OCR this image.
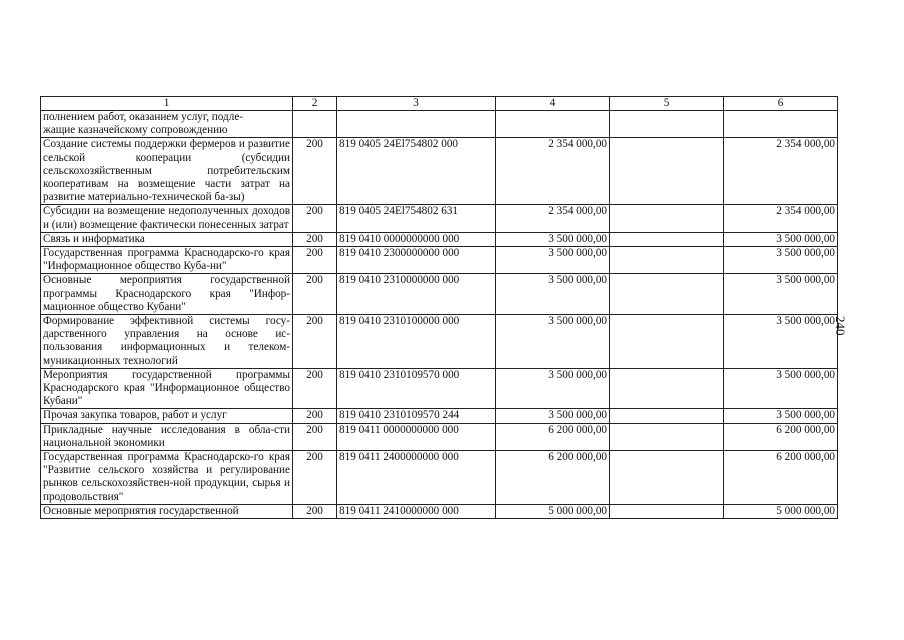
1	2	3	4	5	6
полнением работ, оказанием услуг, подле-
жащие казначейскому сопровождению					
Создание системы поддержки фермеров и развитие сельской кооперации (субсидии сельскохозяйственным потребительским кооперативам на возмещение части затрат на развитие материально-технической ба-зы)	200	819 0405 24El754802 000	2 354 000,00		2 354 000,00
Субсидии на возмещение недополученных доходов и (или) возмещение фактически понесенных затрат	200	819 0405 24El754802 631	2 354 000,00		2 354 000,00
Связь и информатика	200	819 0410 0000000000 000	3 500 000,00		3 500 000,00
Государственная программа Краснодарско-го края "Информационное общество Куба-ни"	200	819 0410 2300000000 000	3 500 000,00		3 500 000,00
Основные мероприятия государственной программы Краснодарского края "Инфор-мационное общество Кубани"	200	819 0410 2310000000 000	3 500 000,00		3 500 000,00
Формирование эффективной системы госу-дарственного управления на основе ис-пользования информационных и телеком-муникационных технологий	200	819 0410 2310100000 000	3 500 000,00		3 500 000,00
Мероприятия государственной программы Краснодарского края "Информационное общество Кубани"	200	819 0410 2310109570 000	3 500 000,00		3 500 000,00
Прочая закупка товаров, работ и услуг	200	819 0410 2310109570 244	3 500 000,00		3 500 000,00
Прикладные научные исследования в обла-сти национальной экономики	200	819 0411 0000000000 000	6 200 000,00		6 200 000,00
Государственная программа Краснодарско-го края "Развитие сельского хозяйства и регулирование рынков сельскохозяйствен-ной продукции, сырья и продовольствия"	200	819 0411 2400000000 000	6 200 000,00		6 200 000,00
Основные мероприятия государственной	200	819 0411 2410000000 000	5 000 000,00		5 000 000,00
240
